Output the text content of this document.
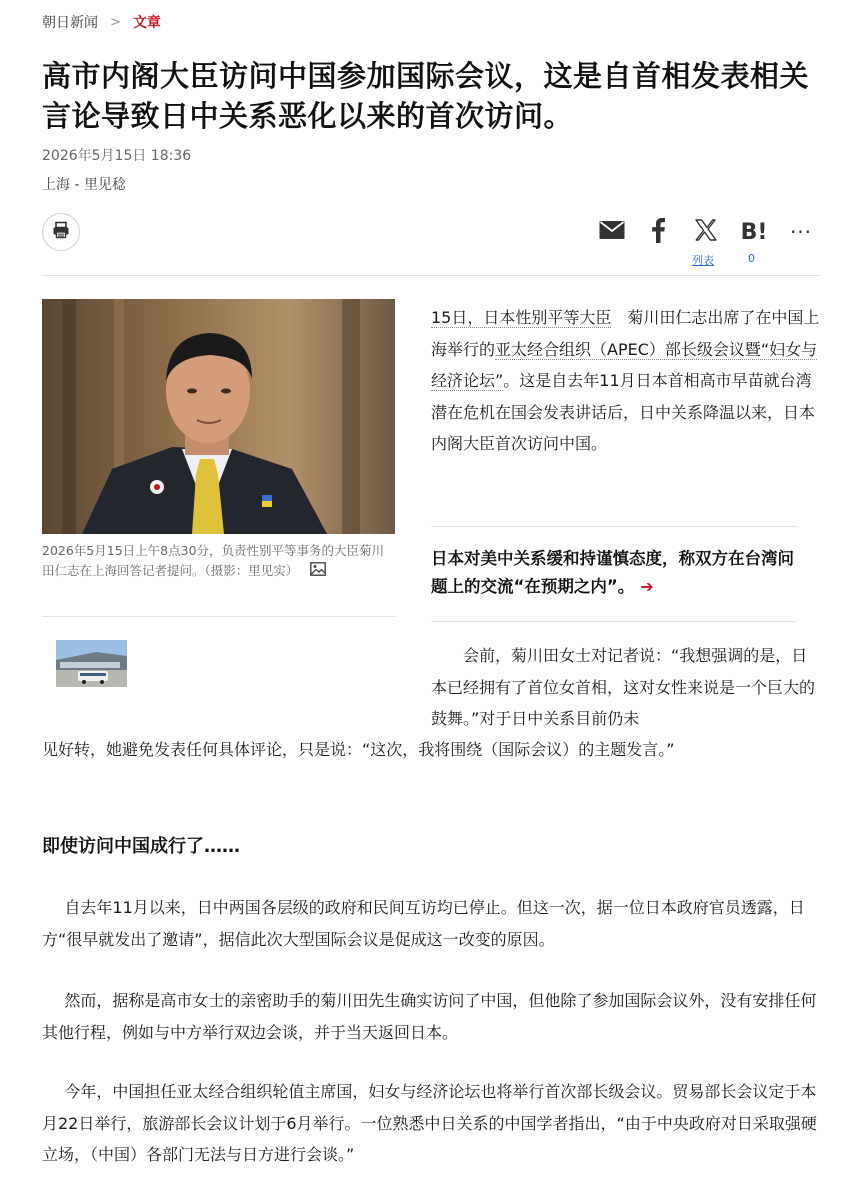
朝日新闻 > 文章
高市内阁大臣访问中国参加国际会议，这是自首相发表相关言论导致日中关系恶化以来的首次访问。
2026年5月15日 18:36
上海 - 里见稔
B! ···
列表	0
2026年5月15日上午8点30分，负责性别平等事务的大臣菊川田仁志在上海回答记者提问。（摄影：里见实）

15日，日本性别平等大臣　菊川田仁志出席了在中国上海举行的亚太经合组织（APEC）部长级会议暨“妇女与经济论坛”。这是自去年11月日本首相高市早苗就台湾潜在危机在国会发表讲话后，日中关系降温以来，日本内阁大臣首次访问中国。

日本对美中关系缓和持谨慎态度，称双方在台湾问题上的交流“在预期之内”。 ➔

会前，菊川田女士对记者说：“我想强调的是，日本已经拥有了首位女首相，这对女性来说是一个巨大的鼓舞。”对于日中关系目前仍未

见好转，她避免发表任何具体评论，只是说：“这次，我将围绕（国际会议）的主题发言。”

即使访问中国成行了……

自去年11月以来，日中两国各层级的政府和民间互访均已停止。但这一次，据一位日本政府官员透露，日方“很早就发出了邀请”，据信此次大型国际会议是促成这一改变的原因。

然而，据称是高市女士的亲密助手的菊川田先生确实访问了中国，但他除了参加国际会议外，没有安排任何其他行程，例如与中方举行双边会谈，并于当天返回日本。

今年，中国担任亚太经合组织轮值主席国，妇女与经济论坛也将举行首次部长级会议。贸易部长会议定于本月22日举行，旅游部长会议计划于6月举行。一位熟悉中日关系的中国学者指出，“由于中央政府对日采取强硬立场，（中国）各部门无法与日方进行会谈。”
